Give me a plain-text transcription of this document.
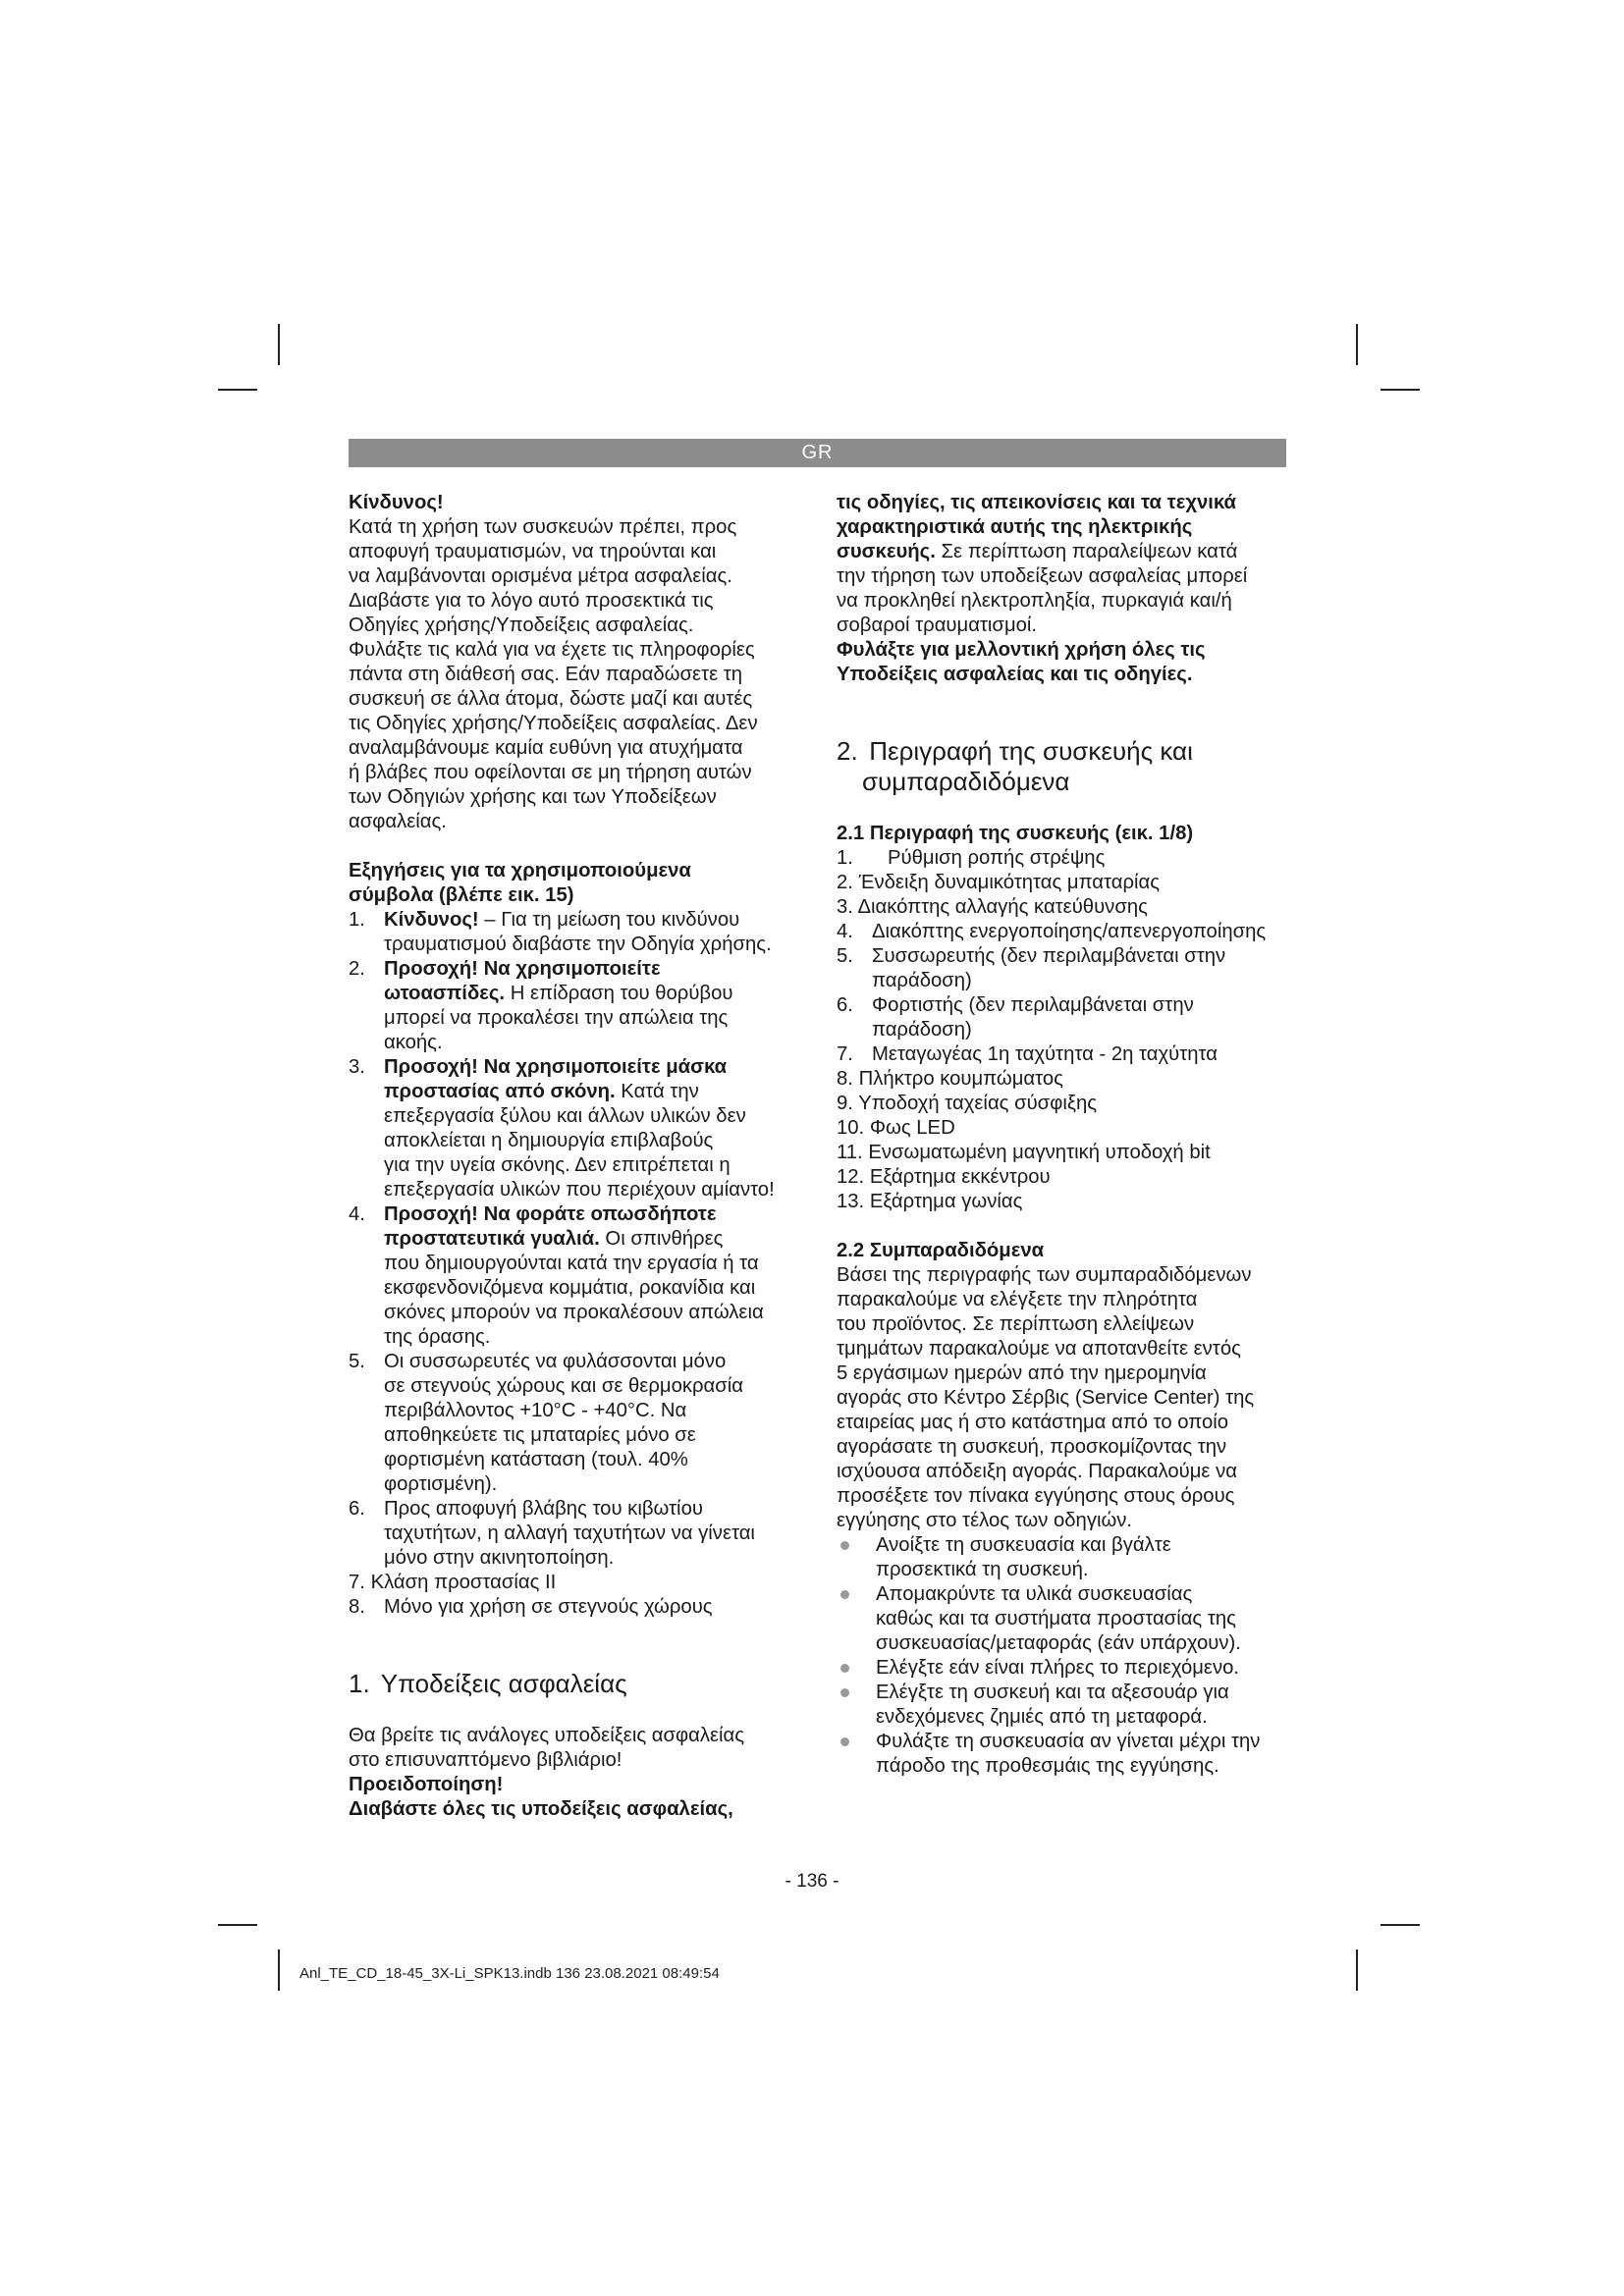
GR

Κίνδυνος!

Κατά τη χρήση των συσκευών πρέπει, προς

αποφυγή τραυματισμών, να τηρούνται και

να λαμβάνονται ορισμένα μέτρα ασφαλείας.

Διαβάστε για το λόγο αυτό προσεκτικά τις

Οδηγίες χρήσης/Υποδείξεις ασφαλείας.

Φυλάξτε τις καλά για να έχετε τις πληροφορίες

πάντα στη διάθεσή σας. Εάν παραδώσετε τη

συσκευή σε άλλα άτομα, δώστε μαζί και αυτές

τις Οδηγίες χρήσης/Υποδείξεις ασφαλείας. Δεν

αναλαμβάνουμε καμία ευθύνη για ατυχήματα

ή βλάβες που οφείλονται σε μη τήρηση αυτών

των Οδηγιών χρήσης και των Υποδείξεων

ασφαλείας.

Εξηγήσεις για τα χρησιμοποιούμενα

σύμβολα (βλέπε εικ. 15)

1. Κίνδυνος! – Για τη μείωση του κινδύνου

τραυματισμού διαβάστε την Οδηγία χρήσης.

2. Προσοχή! Να χρησιμοποιείτε

ωτοασπίδες. Η επίδραση του θορύβου

μπορεί να προκαλέσει την απώλεια της

ακοής.

3. Προσοχή! Να χρησιμοποιείτε μάσκα

προστασίας από σκόνη. Κατά την

επεξεργασία ξύλου και άλλων υλικών δεν

αποκλείεται η δημιουργία επιβλαβούς

για την υγεία σκόνης. Δεν επιτρέπεται η

επεξεργασία υλικών που περιέχουν αμίαντο!

4. Προσοχή! Να φοράτε οπωσδήποτε

προστατευτικά γυαλιά. Οι σπινθήρες

που δημιουργούνται κατά την εργασία ή τα

εκσφενδονιζόμενα κομμάτια, ροκανίδια και

σκόνες μπορούν να προκαλέσουν απώλεια

της όρασης.

5. Οι συσσωρευτές να φυλάσσονται μόνο

σε στεγνούς χώρους και σε θερμοκρασία

περιβάλλοντος +10°C - +40°C. Να

αποθηκεύετε τις μπαταρίες μόνο σε

φορτισμένη κατάσταση (τουλ. 40%

φορτισμένη).

6. Προς αποφυγή βλάβης του κιβωτίου

ταχυτήτων, η αλλαγή ταχυτήτων να γίνεται

μόνο στην ακινητοποίηση.

7. Κλάση προστασίας II
8. Μόνο για χρήση σε στεγνούς χώρους

1. Υποδείξεις ασφαλείας

Θα βρείτε τις ανάλογες υποδείξεις ασφαλείας

στο επισυναπτόμενο βιβλιάριο!

Προειδοποίηση!

Διαβάστε όλες τις υποδείξεις ασφαλείας,

τις οδηγίες, τις απεικονίσεις και τα τεχνικά

χαρακτηριστικά αυτής της ηλεκτρικής

συσκευής. Σε περίπτωση παραλείψεων κατά

την τήρηση των υποδείξεων ασφαλείας μπορεί

να προκληθεί ηλεκτροπληξία, πυρκαγιά και/ή

σοβαροί τραυματισμοί.

Φυλάξτε για μελλοντική χρήση όλες τις

Υποδείξεις ασφαλείας και τις οδηγίες.

2. Περιγραφή της συσκευής και
συμπαραδιδόμενα

2.1 Περιγραφή της συσκευής (εικ. 1/8)

1. Ρύθμιση ροπής στρέψης

2. Ένδειξη δυναμικότητας μπαταρίας
3. Διακόπτης αλλαγής κατεύθυνσης
4. Διακόπτης ενεργοποίησης/απενεργοποίησης

5. Συσσωρευτής (δεν περιλαμβάνεται στην

παράδοση)

6. Φορτιστής (δεν περιλαμβάνεται στην

παράδοση)

7. Μεταγωγέας 1η ταχύτητα - 2η ταχύτητα

8. Πλήκτρο κουμπώματος
9. Υποδοχή ταχείας σύσφιξης
10. Φως LED
11. Ενσωματωμένη μαγνητική υποδοχή bit
12. Εξάρτημα εκκέντρου
13. Εξάρτημα γωνίας

2.2 Συμπαραδιδόμενα

Βάσει της περιγραφής των συμπαραδιδόμενων

παρακαλούμε να ελέγξετε την πληρότητα

του προϊόντος. Σε περίπτωση ελλείψεων

τμημάτων παρακαλούμε να αποτανθείτε εντός

5 εργάσιμων ημερών από την ημερομηνία

αγοράς στο Κέντρο Σέρβις (Service Center) της

εταιρείας μας ή στο κατάστημα από το οποίο

αγοράσατε τη συσκευή, προσκομίζοντας την

ισχύουσα απόδειξη αγοράς. Παρακαλούμε να

προσέξετε τον πίνακα εγγύησης στους όρους

εγγύησης στο τέλος των οδηγιών.

Ανοίξτε τη συσκευασία και βγάλτε

προσεκτικά τη συσκευή.

Απομακρύντε τα υλικά συσκευασίας

καθώς και τα συστήματα προστασίας της

συσκευασίας/μεταφοράς (εάν υπάρχουν).

Ελέγξτε εάν είναι πλήρες το περιεχόμενο.

Ελέγξτε τη συσκευή και τα αξεσουάρ για

ενδεχόμενες ζημιές από τη μεταφορά.

Φυλάξτε τη συσκευασία αν γίνεται μέχρι την

πάροδο της προθεσμάις της εγγύησης.

- 136 -
Anl_TE_CD_18-45_3X-Li_SPK13.indb 136 23.08.2021 08:49:54
